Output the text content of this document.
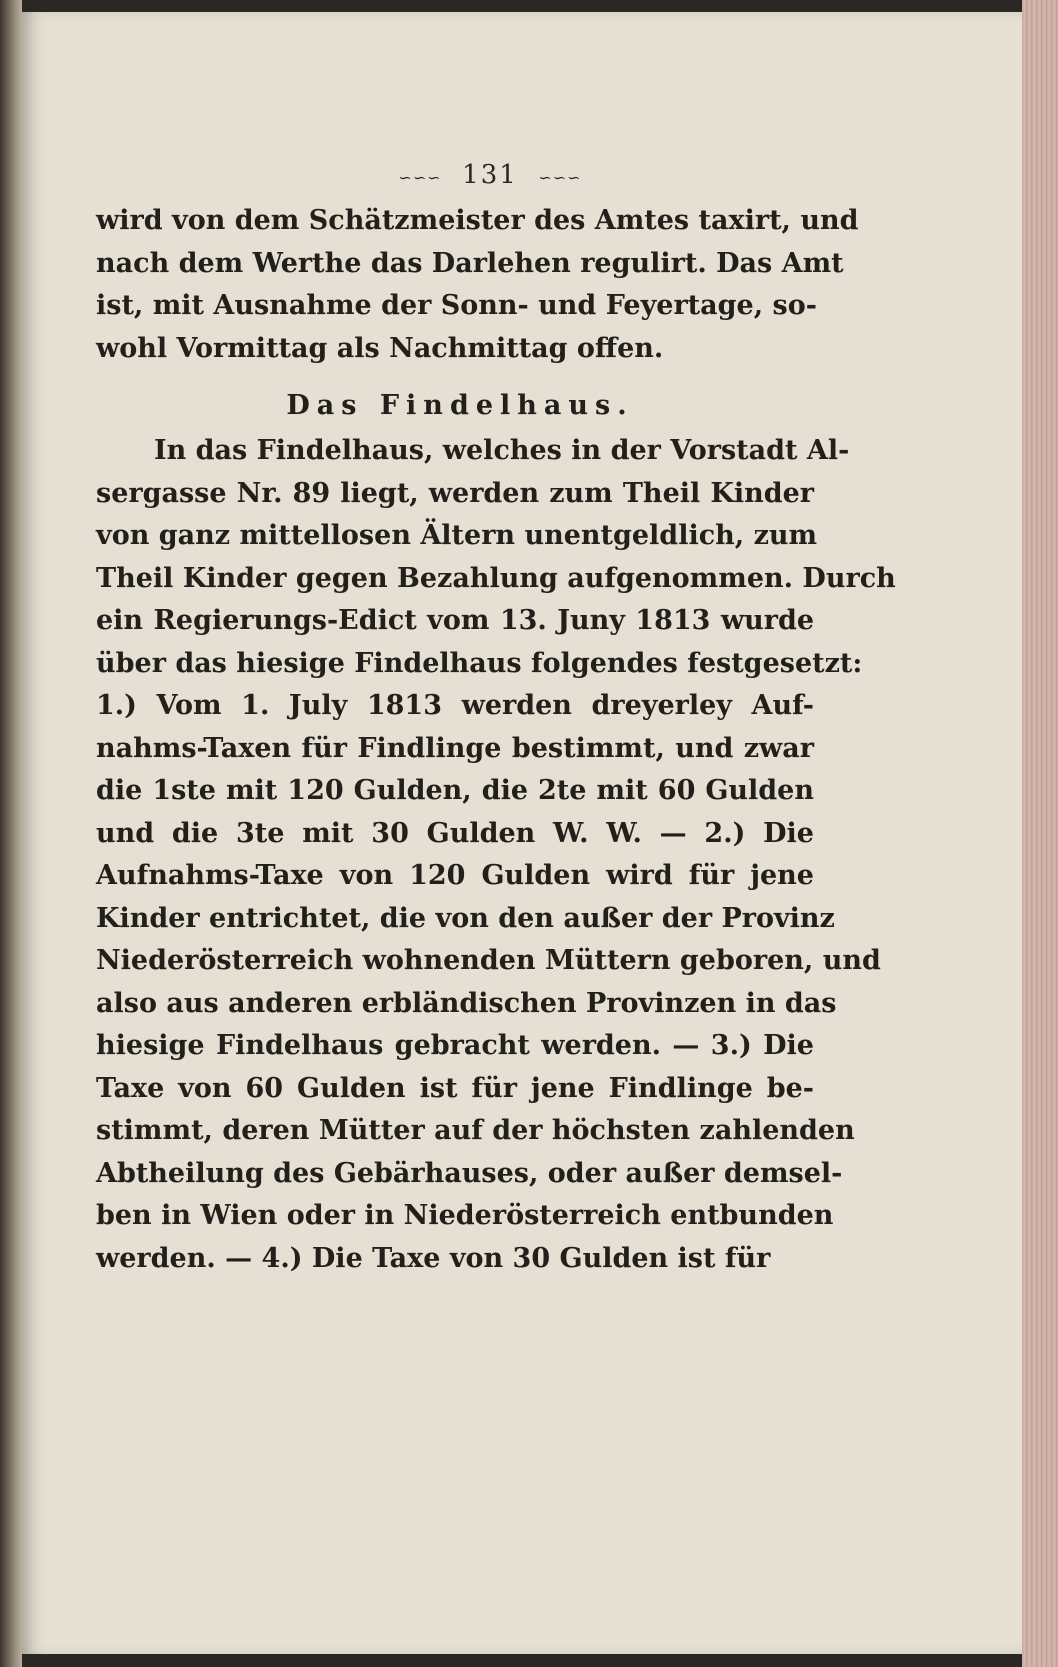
∽∽∽ 131 ∽∽∽
wird von dem Schätzmeister des Amtes taxirt, und
nach dem Werthe das Darlehen regulirt. Das Amt
ist, mit Ausnahme der Sonn- und Feyertage, so-
wohl Vormittag als Nachmittag offen.
Das Findelhaus.
In das Findelhaus, welches in der Vorstadt Al-
sergasse Nr. 89 liegt, werden zum Theil Kinder
von ganz mittellosen Ältern unentgeldlich, zum
Theil Kinder gegen Bezahlung aufgenommen. Durch
ein Regierungs-Edict vom 13. Juny 1813 wurde
über das hiesige Findelhaus folgendes festgesetzt:
1.) Vom 1. July 1813 werden dreyerley Auf-
nahms-Taxen für Findlinge bestimmt, und zwar
die 1ste mit 120 Gulden, die 2te mit 60 Gulden
und die 3te mit 30 Gulden W. W. — 2.) Die
Aufnahms-Taxe von 120 Gulden wird für jene
Kinder entrichtet, die von den außer der Provinz
Niederösterreich wohnenden Müttern geboren, und
also aus anderen erbländischen Provinzen in das
hiesige Findelhaus gebracht werden. — 3.) Die
Taxe von 60 Gulden ist für jene Findlinge be-
stimmt, deren Mütter auf der höchsten zahlenden
Abtheilung des Gebärhauses, oder außer demsel-
ben in Wien oder in Niederösterreich entbunden
werden. — 4.) Die Taxe von 30 Gulden ist für
